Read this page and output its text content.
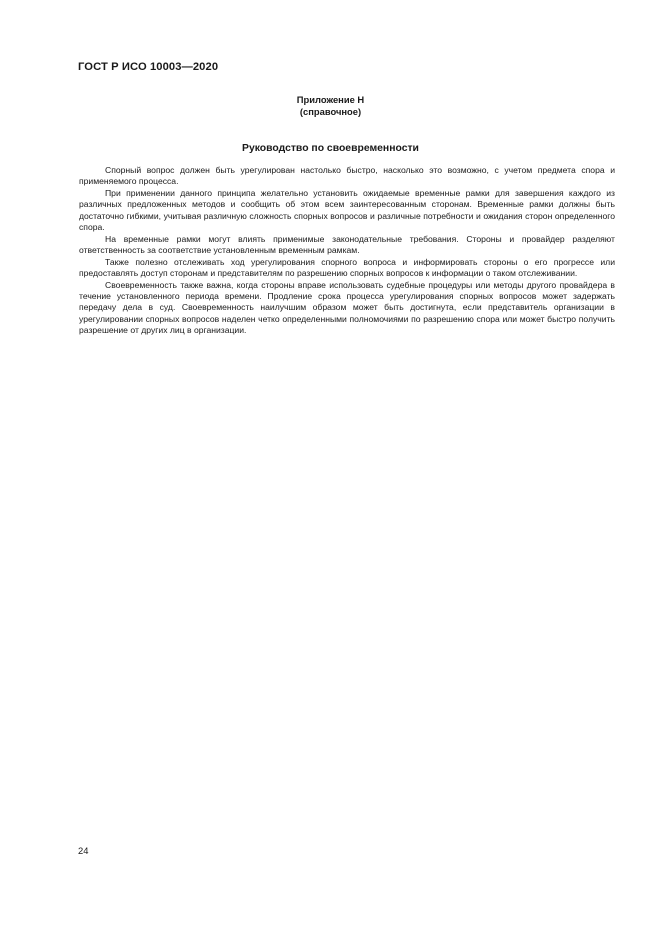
ГОСТ Р ИСО 10003—2020
Приложение Н
(справочное)
Руководство по своевременности

Спорный вопрос должен быть урегулирован настолько быстро, насколько это возможно, с учетом предмета спора и применяемого процесса.

При применении данного принципа желательно установить ожидаемые временные рамки для завершения каждого из различных предложенных методов и сообщить об этом всем заинтересованным сторонам. Временные рамки должны быть достаточно гибкими, учитывая различную сложность спорных вопросов и различные потребности и ожидания сторон определенного спора.

На временные рамки могут влиять применимые законодательные требования. Стороны и провайдер разделяют ответственность за соответствие установленным временным рамкам.

Также полезно отслеживать ход урегулирования спорного вопроса и информировать стороны о его прогрессе или предоставлять доступ сторонам и представителям по разрешению спорных вопросов к информации о таком отслеживании.

Своевременность также важна, когда стороны вправе использовать судебные процедуры или методы другого провайдера в течение установленного периода времени. Продление срока процесса урегулирования спорных вопросов может задержать передачу дела в суд. Своевременность наилучшим образом может быть достигнута, если представитель организации в урегулировании спорных вопросов наделен четко определенными полномочиями по разрешению спора или может быстро получить разрешение от других лиц в организации.

24
